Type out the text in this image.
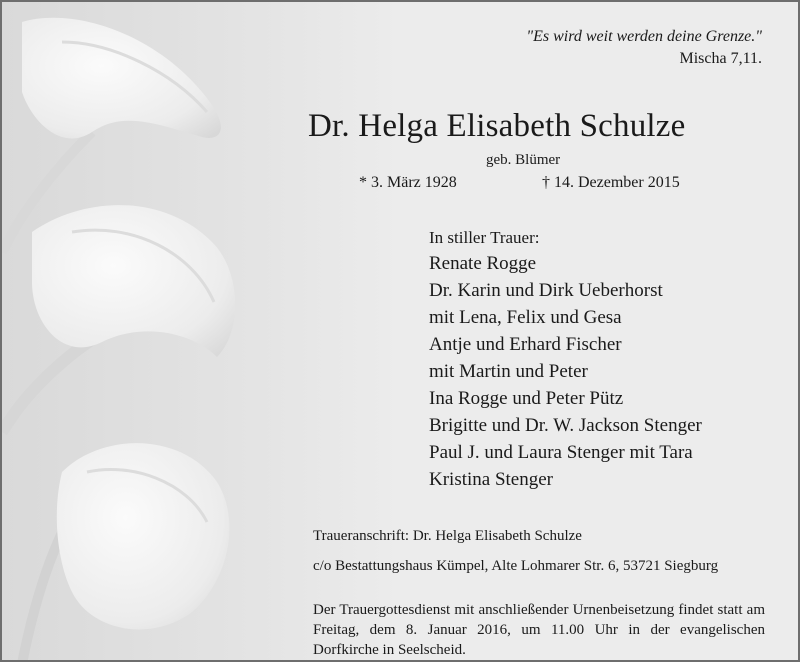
"Es wird weit werden deine Grenze."
Mischa 7,11.
Dr. Helga Elisabeth Schulze
geb. Blümer
* 3. März 1928	† 14. Dezember 2015
In stiller Trauer:
Renate Rogge
Dr. Karin und Dirk Ueberhorst
mit Lena, Felix und Gesa
Antje und Erhard Fischer
mit Martin und Peter
Ina Rogge und Peter Pütz
Brigitte und Dr. W. Jackson Stenger
Paul J. und Laura Stenger mit Tara
Kristina Stenger
Traueranschrift: Dr. Helga Elisabeth Schulze
c/o Bestattungshaus Kümpel, Alte Lohmarer Str. 6, 53721 Siegburg
Der Trauergottesdienst mit anschließender Urnenbeisetzung findet statt am Freitag, dem 8. Januar 2016, um 11.00 Uhr in der evangelischen Dorfkirche in Seelscheid.
